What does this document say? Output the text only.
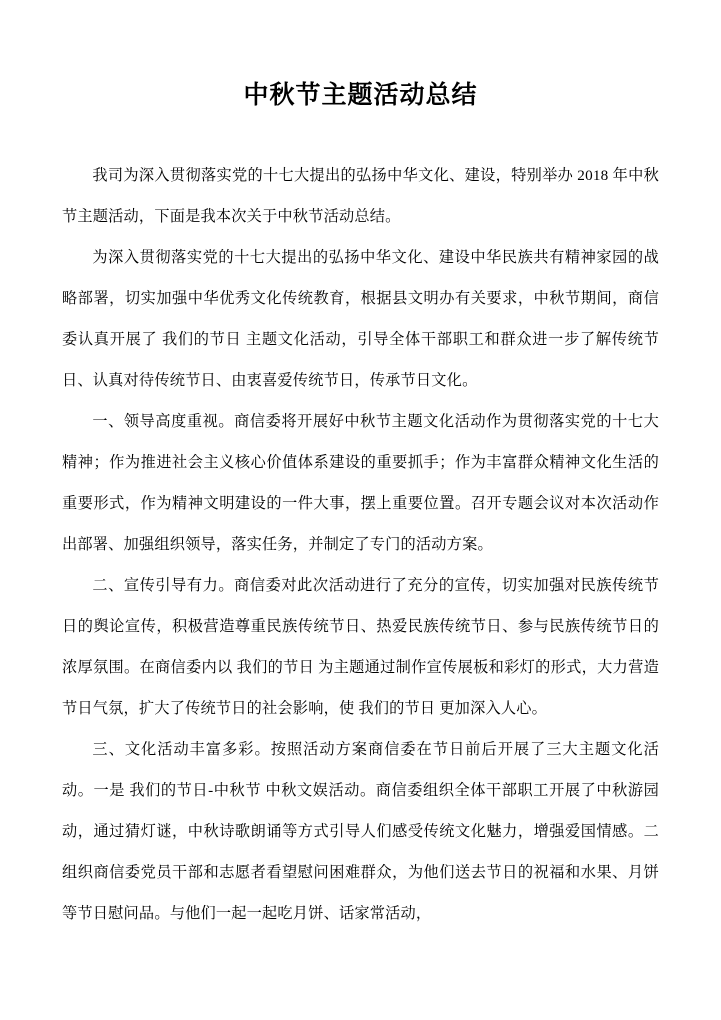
中秋节主题活动总结

我司为深入贯彻落实党的十七大提出的弘扬中华文化、建设，特别举办 2018 年中秋节主题活动，下面是我本次关于中秋节活动总结。

为深入贯彻落实党的十七大提出的弘扬中华文化、建设中华民族共有精神家园的战略部署，切实加强中华优秀文化传统教育，根据县文明办有关要求，中秋节期间，商信委认真开展了 我们的节日 主题文化活动，引导全体干部职工和群众进一步了解传统节日、认真对待传统节日、由衷喜爱传统节日，传承节日文化。

一、领导高度重视。商信委将开展好中秋节主题文化活动作为贯彻落实党的十七大精神；作为推进社会主义核心价值体系建设的重要抓手；作为丰富群众精神文化生活的重要形式，作为精神文明建设的一件大事，摆上重要位置。召开专题会议对本次活动作出部署、加强组织领导，落实任务，并制定了专门的活动方案。

二、宣传引导有力。商信委对此次活动进行了充分的宣传，切实加强对民族传统节日的舆论宣传，积极营造尊重民族传统节日、热爱民族传统节日、参与民族传统节日的浓厚氛围。在商信委内以 我们的节日 为主题通过制作宣传展板和彩灯的形式，大力营造节日气氛，扩大了传统节日的社会影响，使 我们的节日 更加深入人心。

三、文化活动丰富多彩。按照活动方案商信委在节日前后开展了三大主题文化活动。一是 我们的节日-中秋节 中秋文娱活动。商信委组织全体干部职工开展了中秋游园动，通过猜灯谜，中秋诗歌朗诵等方式引导人们感受传统文化魅力，增强爱国情感。二组织商信委党员干部和志愿者看望慰问困难群众，为他们送去节日的祝福和水果、月饼等节日慰问品。与他们一起一起吃月饼、话家常活动，
